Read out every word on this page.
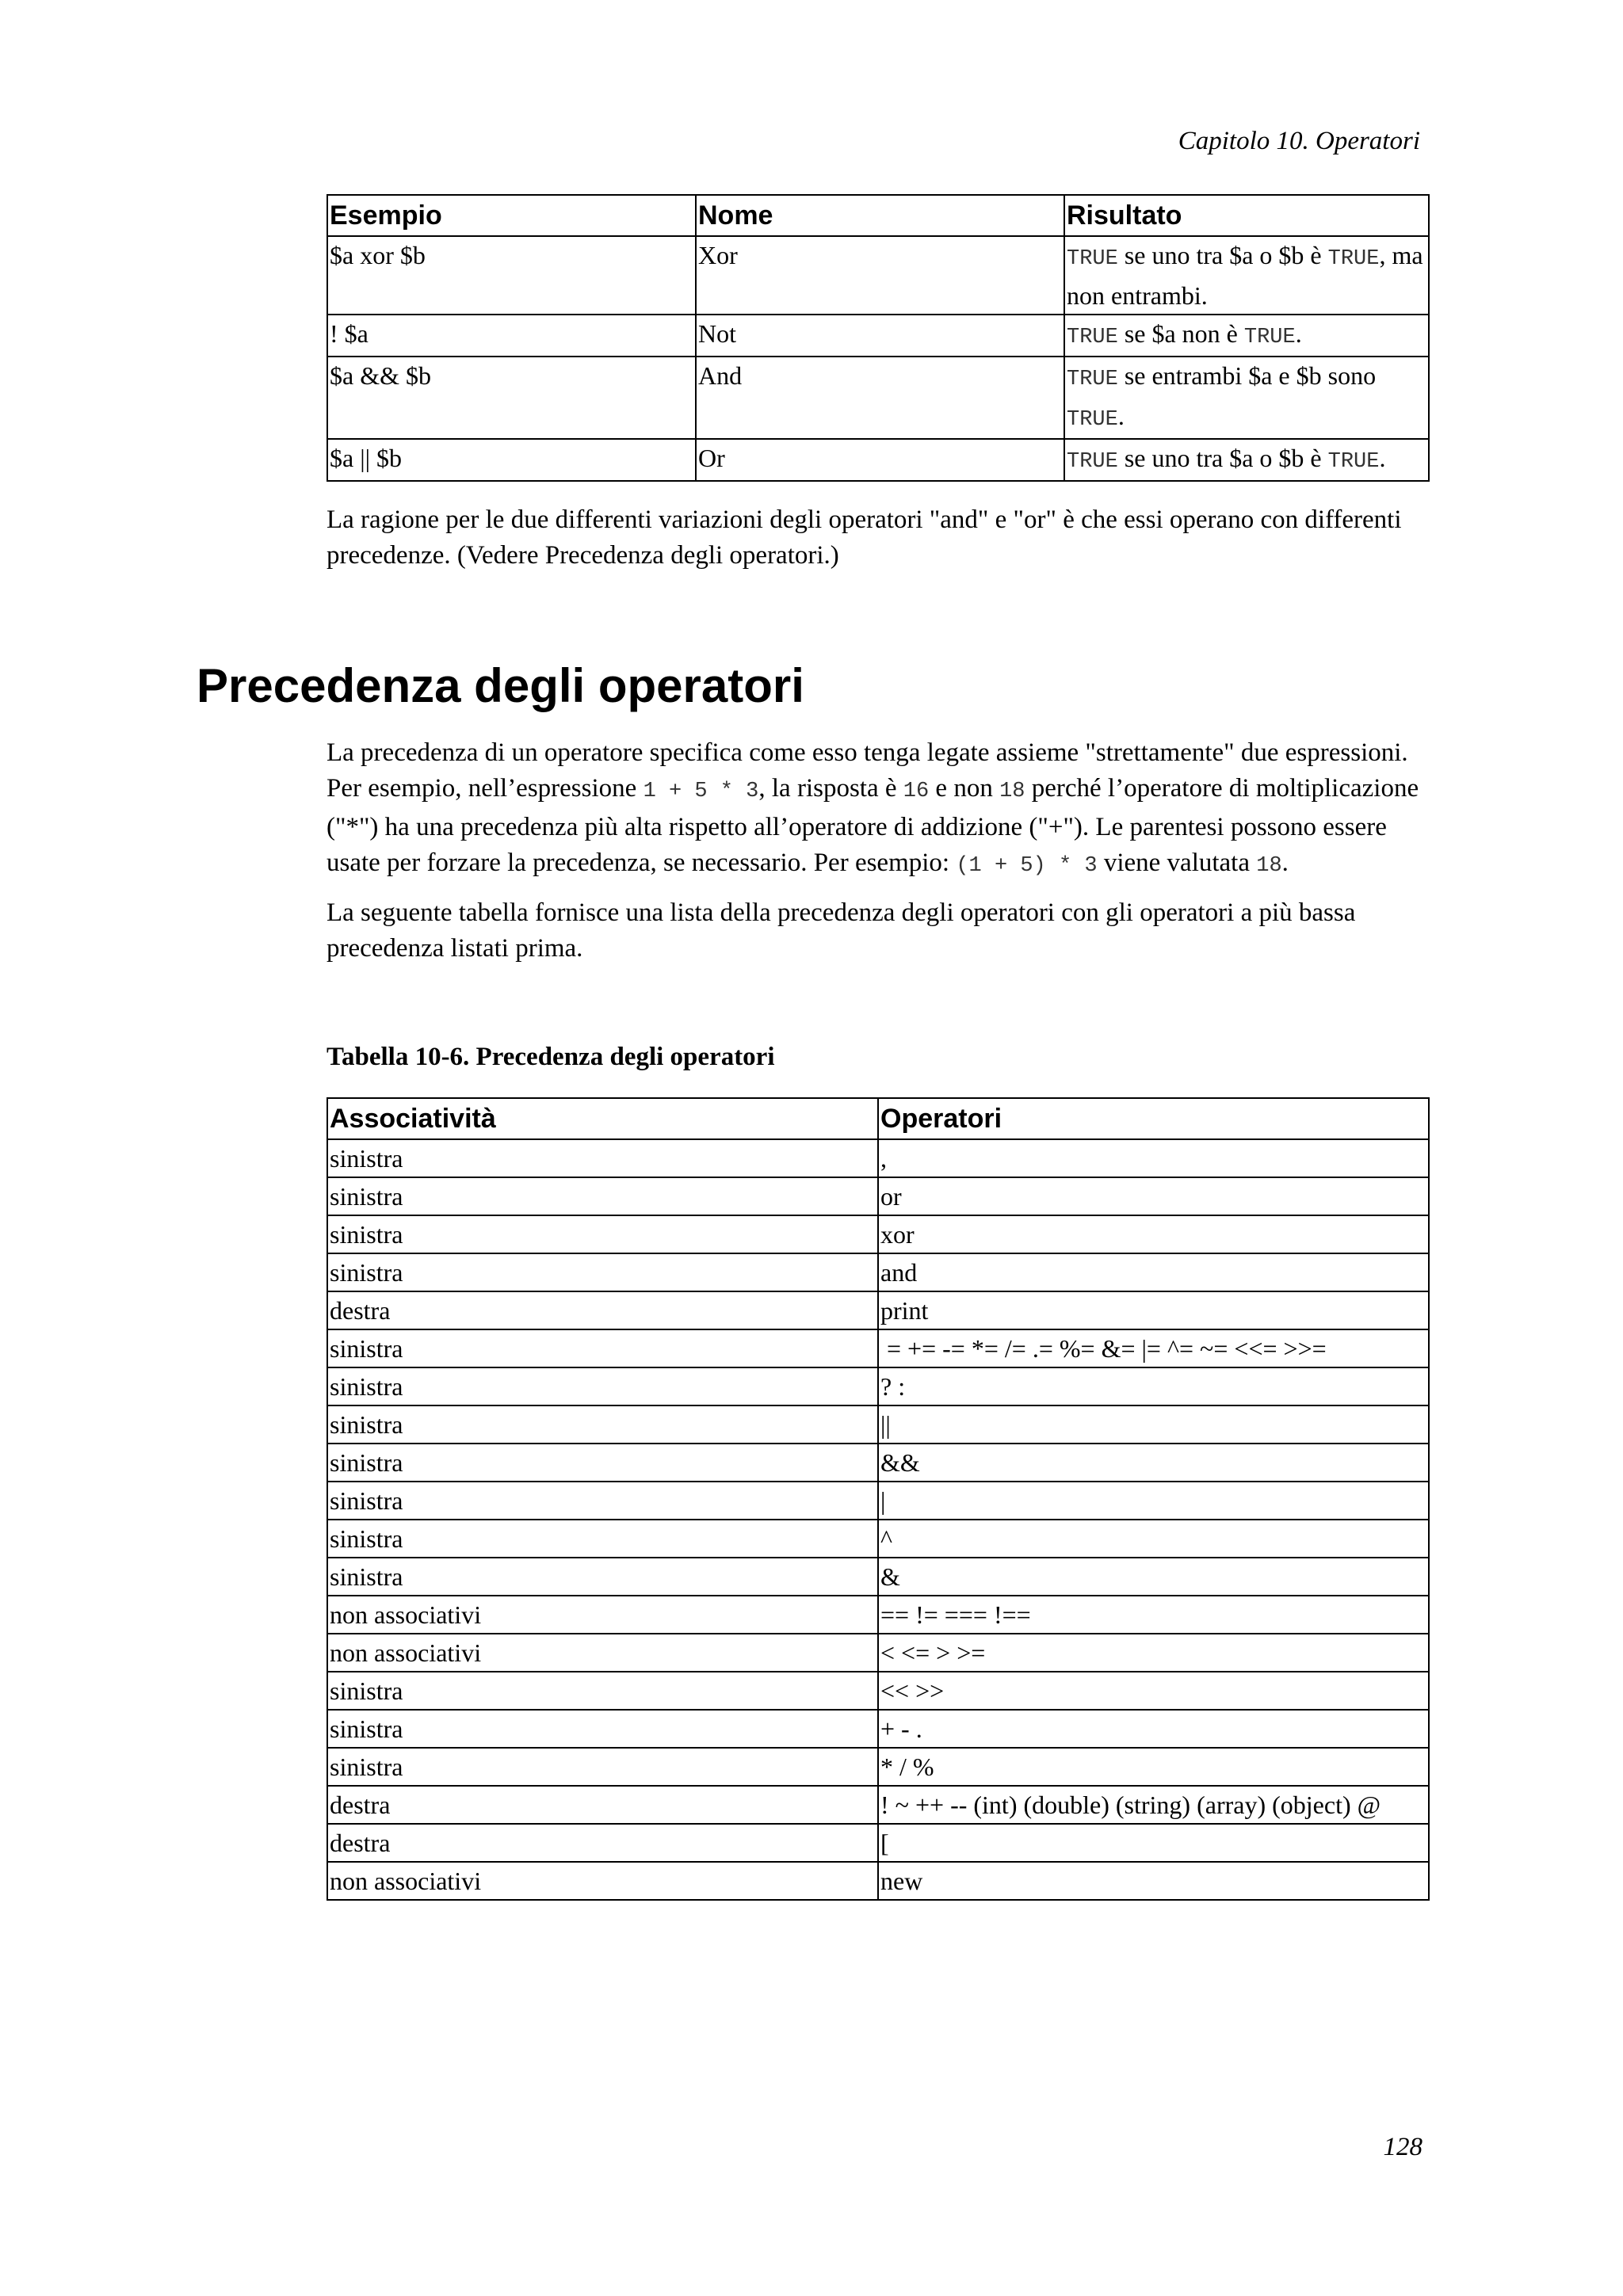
Capitolo 10. Operatori
Esempio	Nome	Risultato
$a xor $b	Xor	TRUE se uno tra $a o $b è TRUE, ma non entrambi.
! $a	Not	TRUE se $a non è TRUE.
$a && $b	And	TRUE se entrambi $a e $b sono TRUE.
$a || $b	Or	TRUE se uno tra $a o $b è TRUE.

La ragione per le due differenti variazioni degli operatori "and" e "or" è che essi operano con differenti precedenze. (Vedere Precedenza degli operatori.)

Precedenza degli operatori

La precedenza di un operatore specifica come esso tenga legate assieme "strettamente" due espressioni. Per esempio, nell’espressione 1 + 5 * 3, la risposta è 16 e non 18 perché l’operatore di moltiplicazione ("*") ha una precedenza più alta rispetto all’operatore di addizione ("+"). Le parentesi possono essere usate per forzare la precedenza, se necessario. Per esempio: (1 + 5) * 3 viene valutata 18.

La seguente tabella fornisce una lista della precedenza degli operatori con gli operatori a più bassa precedenza listati prima.

Tabella 10-6. Precedenza degli operatori
Associatività	Operatori
sinistra	,
sinistra	or
sinistra	xor
sinistra	and
destra	print
sinistra	= += -= *= /= .= %= &= |= ^= ~= <<= >>=
sinistra	? :
sinistra	||
sinistra	&&
sinistra	|
sinistra	^
sinistra	&
non associativi	== != === !==
non associativi	< <= > >=
sinistra	<< >>
sinistra	+ - .
sinistra	* / %
destra	! ~ ++ -- (int) (double) (string) (array) (object) @
destra	[
non associativi	new
128
